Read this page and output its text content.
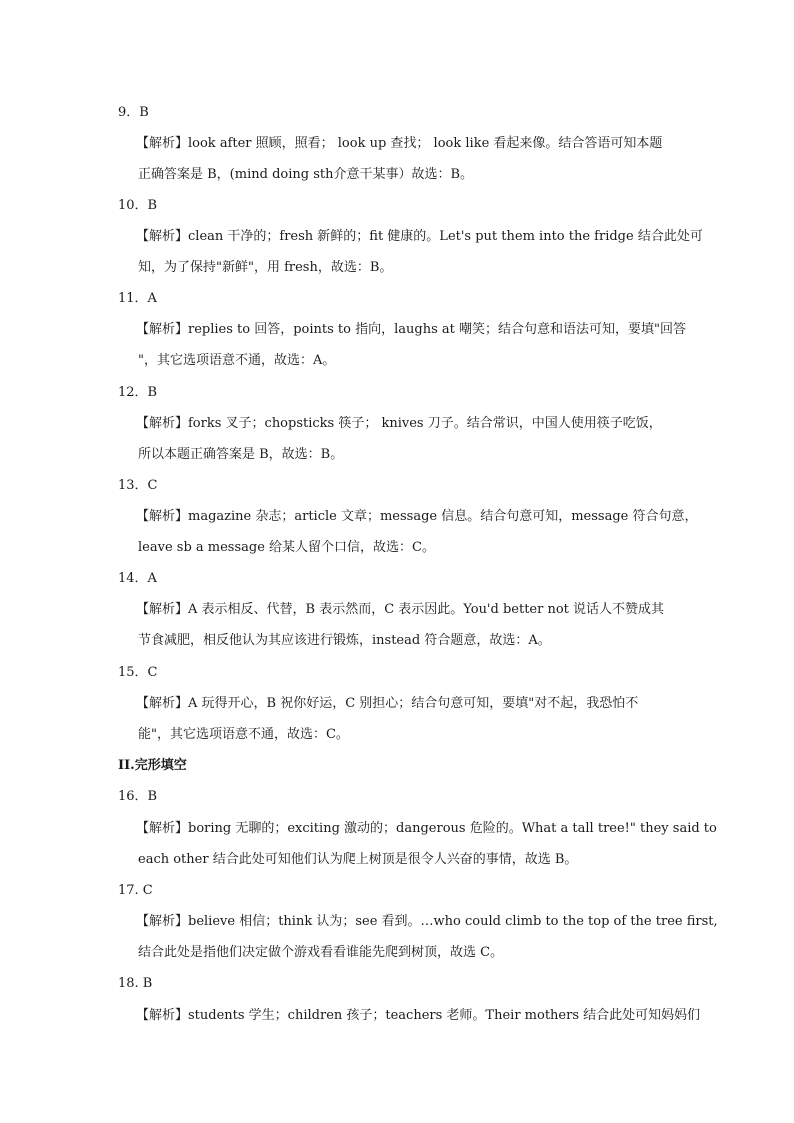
9．B
【解析】look after 照顾，照看； look up 查找； look like 看起来像。结合答语可知本题
正确答案是 B，(mind doing sth介意干某事）故选：B。
10．B
【解析】clean 干净的；fresh 新鲜的；fit 健康的。Let's put them into the fridge 结合此处可
知，为了保持"新鲜"，用 fresh，故选：B。
11．A
【解析】replies to 回答，points to 指向，laughs at 嘲笑；结合句意和语法可知，要填"回答
"，其它选项语意不通，故选：A。
12．B
【解析】forks 叉子；chopsticks 筷子； knives 刀子。结合常识，中国人使用筷子吃饭，
所以本题正确答案是 B，故选：B。
13．C
【解析】magazine 杂志；article 文章；message 信息。结合句意可知，message 符合句意，
leave sb a message 给某人留个口信，故选：C。
14．A
【解析】A 表示相反、代替，B 表示然而，C 表示因此。You'd better not 说话人不赞成其
节食减肥，相反他认为其应该进行锻炼，instead 符合题意，故选：A。
15．C
【解析】A 玩得开心，B 祝你好运，C 别担心；结合句意可知，要填"对不起，我恐怕不
能"，其它选项语意不通，故选：C。
II.完形填空
16．B
【解析】boring 无聊的；exciting 激动的；dangerous 危险的。What a tall tree!" they said to
each other 结合此处可知他们认为爬上树顶是很令人兴奋的事情，故选 B。
17. C
【解析】believe 相信；think 认为；see 看到。…who could climb to the top of the tree first,
结合此处是指他们决定做个游戏看看谁能先爬到树顶，故选 C。
18. B
【解析】students 学生；children 孩子；teachers 老师。Their mothers 结合此处可知妈妈们
